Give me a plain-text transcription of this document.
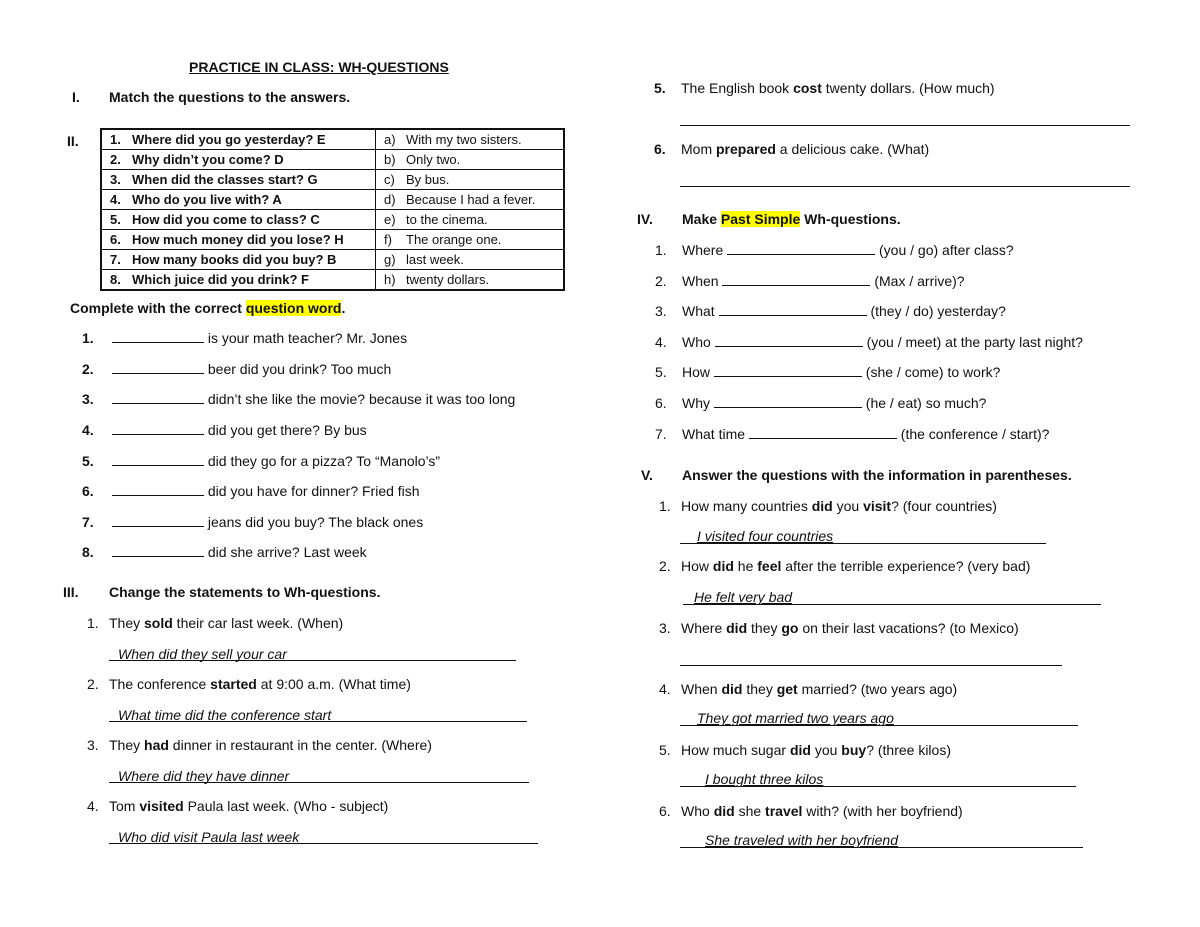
PRACTICE IN CLASS: WH-QUESTIONS
I. Match the questions to the answers.
II. 1. Where did you go yesterday? E	a) With my two sisters.
2. Why didn’t you come? D	b) Only two.
3. When did the classes start? G	c) By bus.
4. Who do you live with? A	d) Because I had a fever.
5. How did you come to class? C	e) to the cinema.
6. How much money did you lose? H	f) The orange one.
7. How many books did you buy? B	g) last week.
8. Which juice did you drink? F	h) twenty dollars.
Complete with the correct question word.
1.	is your math teacher? Mr. Jones
2.	beer did you drink? Too much
3.	didn’t she like the movie? because it was too long
4.	did you get there? By bus
5.	did they go for a pizza? To “Manolo’s”
6.	did you have for dinner? Fried fish
7.	jeans did you buy? The black ones
8.	did she arrive? Last week
III. Change the statements to Wh-questions.
1. They sold their car last week. (When)
When did they sell your car
2. The conference started at 9:00 a.m. (What time)
What time did the conference start
3. They had dinner in restaurant in the center. (Where)
Where did they have dinner
4. Tom visited Paula last week. (Who - subject)
Who did visit Paula last week
5. The English book cost twenty dollars. (How much)
6. Mom prepared a delicious cake. (What)
IV. Make Past Simple Wh-questions.
1. Where	(you / go) after class?
2. When	(Max / arrive)?
3. What	(they / do) yesterday?
4. Who	(you / meet) at the party last night?
5. How	(she / come) to work?
6. Why	(he / eat) so much?
7. What time	(the conference / start)?
V. Answer the questions with the information in parentheses.
1. How many countries did you visit? (four countries)
I visited four countries
2. How did he feel after the terrible experience? (very bad)
He felt very bad
3. Where did they go on their last vacations? (to Mexico)
4. When did they get married? (two years ago)
They got married two years ago
5. How much sugar did you buy? (three kilos)
I bought three kilos
6. Who did she travel with? (with her boyfriend)
She traveled with her boyfriend
